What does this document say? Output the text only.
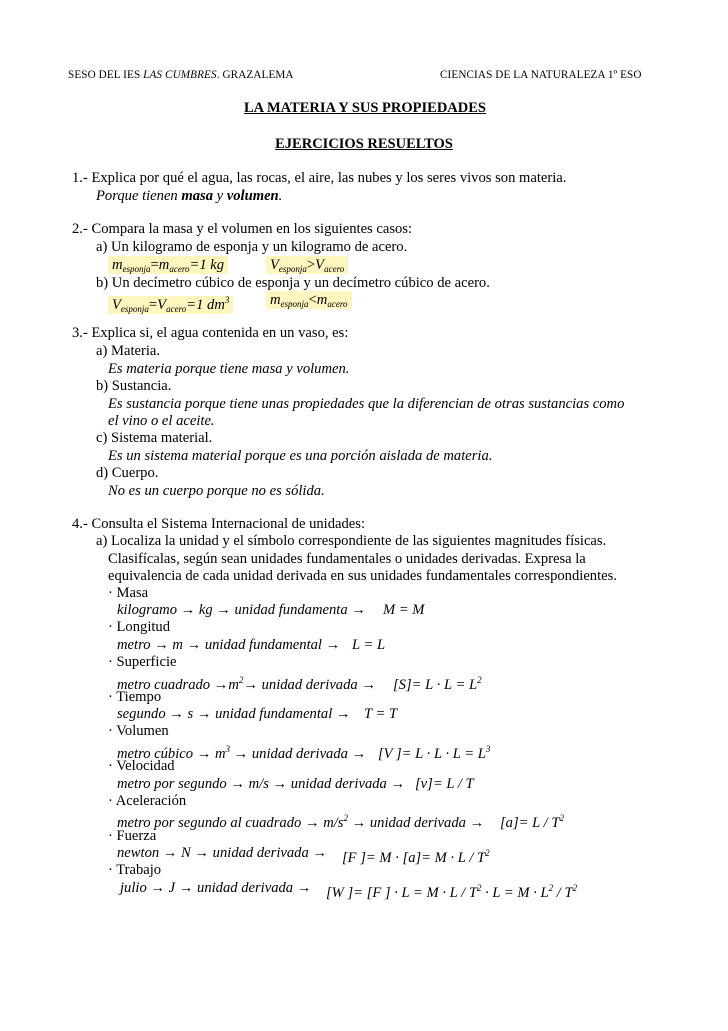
SESO DEL IES LAS CUMBRES. GRAZALEMA	CIENCIAS DE LA NATURALEZA 1º ESO
LA MATERIA Y SUS PROPIEDADES
EJERCICIOS RESUELTOS
1.- Explica por qué el agua, las rocas, el aire, las nubes y los seres vivos son materia.
Porque tienen masa y volumen.
2.- Compara la masa y el volumen en los siguientes casos:
a) Un kilogramo de esponja y un kilogramo de acero.
$m_{esponja}=m_{acero}=1$ kg	$V_{esponja}>V_{acero}$
b) Un decímetro cúbico de esponja y un decímetro cúbico de acero.
$V_{esponja}=V_{acero}=1$ $dm^3$	$m_{esponja}<m_{acero}$
3.- Explica si, el agua contenida en un vaso, es:
a) Materia.
Es materia porque tiene masa y volumen.
b) Sustancia.
Es sustancia porque tiene unas propiedades que la diferencian de otras sustancias como
el vino o el aceite.
c) Sistema material.
Es un sistema material porque es una porción aislada de materia.
d) Cuerpo.
No es un cuerpo porque no es sólida.
4.- Consulta el Sistema Internacional de unidades:
a) Localiza la unidad y el símbolo correspondiente de las siguientes magnitudes físicas.
Clasifícalas, según sean unidades fundamentales o unidades derivadas. Expresa la
equivalencia de cada unidad derivada en sus unidades fundamentales correspondientes.
· Masa
kilogramo → kg → unidad fundamenta → M = M
· Longitud
metro → m → unidad fundamental → L = L
· Superficie
metro cuadrado $\to m^2\to$ unidad derivada → $[S]= L \cdot L = L^2$
· Tiempo
segundo → s → unidad fundamental → T = T
· Volumen
metro cúbico → $m^3$ → unidad derivada → [V ]= $L \cdot L \cdot L = L^3$
· Velocidad
metro por segundo → m/s → unidad derivada → [v]= L / T
· Aceleración
metro por segundo al cuadrado → $m/s^2$ → unidad derivada → $[a]= L / T^2$
· Fuerza
newton → N → unidad derivada → [F ]= $M \cdot [a]= M \cdot L / T^2$
· Trabajo
julio → J → unidad derivada → [W ]= [F ] · $L = M \cdot L / T^2 \cdot L = M \cdot L^2 / T^2$
